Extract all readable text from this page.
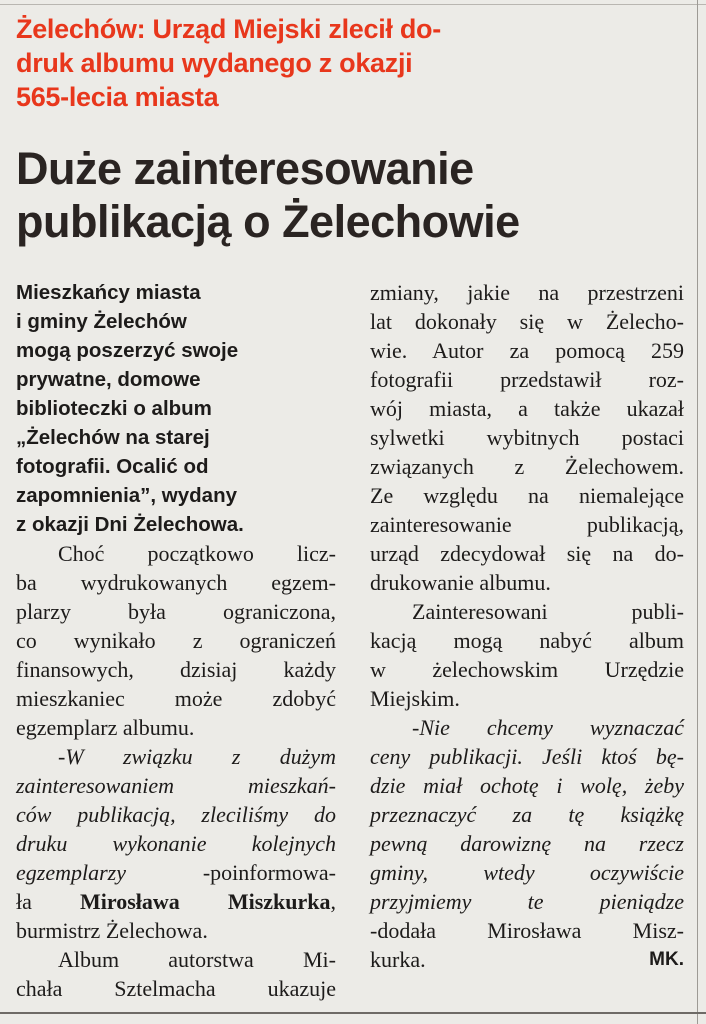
Żelechów: Urząd Miejski zlecił do-
druk albumu wydanego z okazji
565-lecia miasta
Duże zainteresowanie
publikacją o Żelechowie
Mieszkańcy miasta
i gminy Żelechów
mogą poszerzyć swoje
prywatne, domowe
biblioteczki o album
„Żelechów na starej
fotografii. Ocalić od
zapomnienia”, wydany
z okazji Dni Żelechowa.
Choć początkowo licz-
ba wydrukowanych egzem-
plarzy była ograniczona,
co wynikało z ograniczeń
finansowych, dzisiaj każdy
mieszkaniec może zdobyć
egzemplarz albumu.
-W związku z dużym
zainteresowaniem mieszkań-
ców publikacją, zleciliśmy do
druku wykonanie kolejnych
egzemplarzy -poinformowa-
ła Mirosława Miszkurka,
burmistrz Żelechowa.
Album autorstwa Mi-
chała Sztelmacha ukazuje
zmiany, jakie na przestrzeni
lat dokonały się w Żelecho-
wie. Autor za pomocą 259
fotografii przedstawił roz-
wój miasta, a także ukazał
sylwetki wybitnych postaci
związanych z Żelechowem.
Ze względu na niemalejące
zainteresowanie publikacją,
urząd zdecydował się na do-
drukowanie albumu.
Zainteresowani publi-
kacją mogą nabyć album
w żelechowskim Urzędzie
Miejskim.
-Nie chcemy wyznaczać
ceny publikacji. Jeśli ktoś bę-
dzie miał ochotę i wolę, żeby
przeznaczyć za tę książkę
pewną darowiznę na rzecz
gminy, wtedy oczywiście
przyjmiemy te pieniądze
-dodała Mirosława Misz-
kurka.	MK.
